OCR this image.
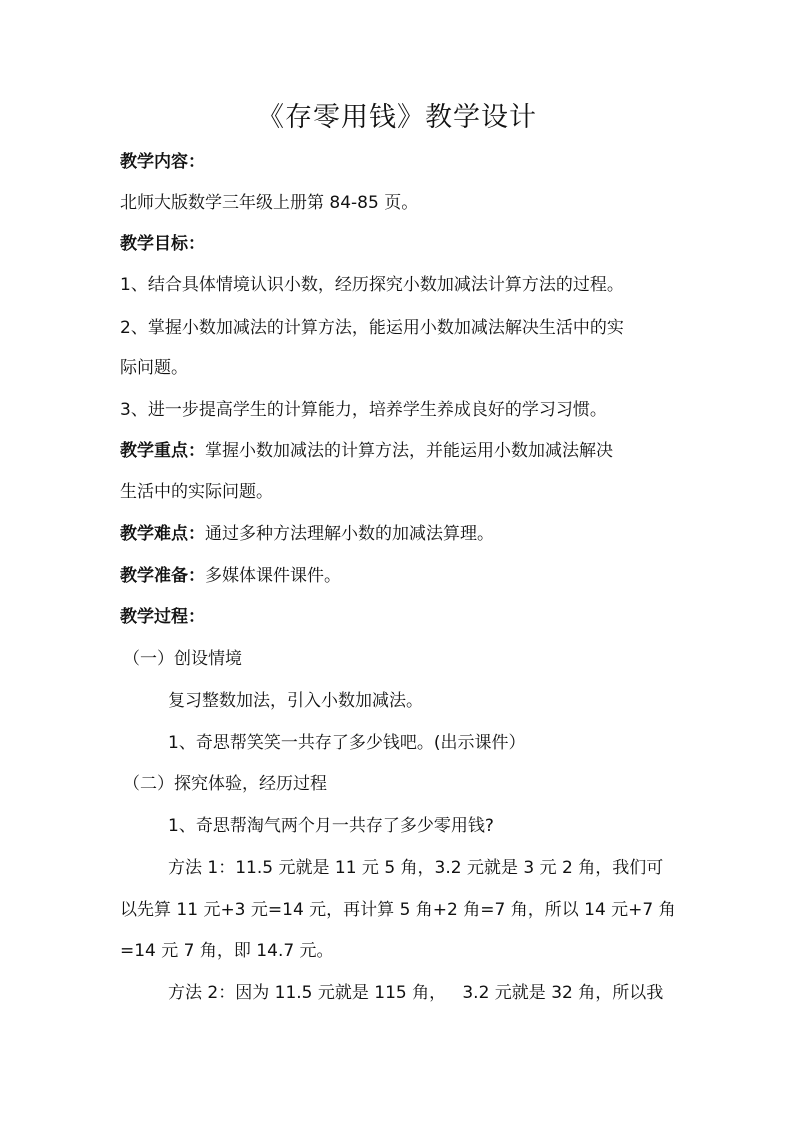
《存零用钱》教学设计
教学内容：
北师大版数学三年级上册第 84-85 页。
教学目标：
1、结合具体情境认识小数，经历探究小数加减法计算方法的过程。
2、掌握小数加减法的计算方法，能运用小数加减法解决生活中的实
际问题。
3、进一步提高学生的计算能力，培养学生养成良好的学习习惯。
教学重点：掌握小数加减法的计算方法，并能运用小数加减法解决
生活中的实际问题。
教学难点：通过多种方法理解小数的加减法算理。
教学准备：多媒体课件课件。
教学过程：
（一）创设情境
复习整数加法，引入小数加减法。
1、奇思帮笑笑一共存了多少钱吧。(出示课件）
（二）探究体验，经历过程
1、奇思帮淘气两个月一共存了多少零用钱?
方法 1：11.5 元就是 11 元 5 角，3.2 元就是 3 元 2 角，我们可
以先算 11 元+3 元=14 元，再计算 5 角+2 角=7 角，所以 14 元+7 角
=14 元 7 角，即 14.7 元。
方法 2：因为 11.5 元就是 115 角，   3.2 元就是 32 角，所以我
